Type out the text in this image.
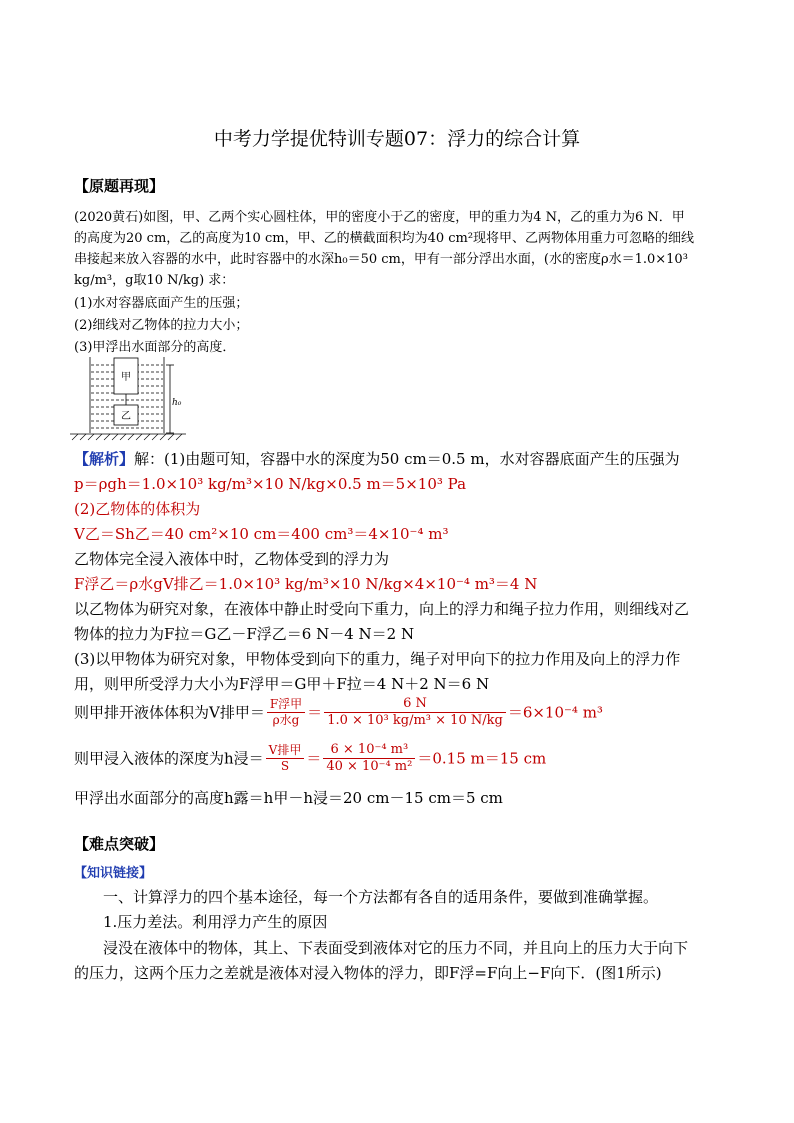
中考力学提优特训专题07：浮力的综合计算
【原题再现】
(2020黄石)如图，甲、乙两个实心圆柱体，甲的密度小于乙的密度，甲的重力为4 N，乙的重力为6 N．甲
的高度为20 cm，乙的高度为10 cm，甲、乙的横截面积均为40 cm²现将甲、乙两物体用重力可忽略的细线
串接起来放入容器的水中，此时容器中的水深h₀＝50 cm，甲有一部分浮出水面，(水的密度ρ水＝1.0×10³
kg/m³，g取10 N/kg) 求：
(1)水对容器底面产生的压强；
(2)细线对乙物体的拉力大小；
(3)甲浮出水面部分的高度．
甲
乙
h₀
【解析】解：(1)由题可知，容器中水的深度为50 cm＝0.5 m，水对容器底面产生的压强为
p＝ρgh＝1.0×10³ kg/m³×10 N/kg×0.5 m＝5×10³ Pa
(2)乙物体的体积为
V乙＝Sh乙＝40 cm²×10 cm＝400 cm³＝4×10⁻⁴ m³
乙物体完全浸入液体中时，乙物体受到的浮力为
F浮乙＝ρ水gV排乙＝1.0×10³ kg/m³×10 N/kg×4×10⁻⁴ m³＝4 N
以乙物体为研究对象，在液体中静止时受向下重力，向上的浮力和绳子拉力作用，则细线对乙
物体的拉力为F拉＝G乙－F浮乙＝6 N－4 N＝2 N
(3)以甲物体为研究对象，甲物体受到向下的重力，绳子对甲向下的拉力作用及向上的浮力作
用，则甲所受浮力大小为F浮甲＝G甲＋F拉＝4 N＋2 N＝6 N
则甲排开液体体积为V排甲＝ $\frac{\text{F浮甲}}{\text{ρ水g}} = \frac{6 N}{\text{1.0 × 10³ kg/m³ × 10 N/kg}} =6\times 10^{-4}$ m³
则甲浸入液体的深度为h浸＝ $\frac{\text{V排甲}}{S} = \frac{\text{6 × 10⁻⁴ m³}}{\text{40 × 10⁻⁴ m²}} =0.15$ m＝15 cm
甲浮出水面部分的高度h露＝h甲－h浸＝20 cm－15 cm＝5 cm
【难点突破】
【知识链接】
一、计算浮力的四个基本途径，每一个方法都有各自的适用条件，要做到准确掌握。
1.压力差法。利用浮力产生的原因
浸没在液体中的物体，其上、下表面受到液体对它的压力不同，并且向上的压力大于向下
的压力，这两个压力之差就是液体对浸入物体的浮力，即F浮=F向上−F向下．(图1所示)
